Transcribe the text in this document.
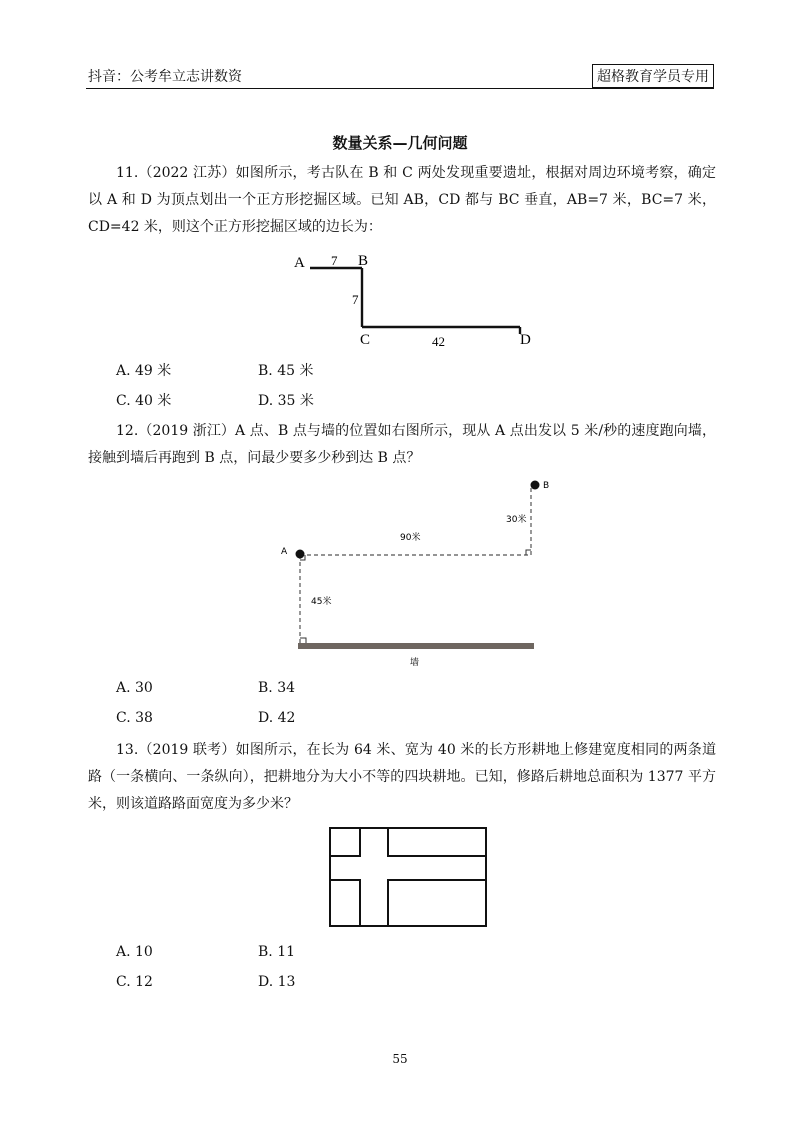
抖音：公考牟立志讲数资	超格教育学员专用
数量关系—几何问题
11.（2022 江苏）如图所示，考古队在 B 和 C 两处发现重要遗址，根据对周边环境考察，确定以 A 和 D 为顶点划出一个正方形挖掘区域。已知 AB，CD 都与 BC 垂直，AB=7 米，BC=7 米，CD=42 米，则这个正方形挖掘区域的边长为：
A 7 B
7
C	42	D
A. 49 米	B. 45 米
C. 40 米	D. 35 米
12.（2019 浙江）A 点、B 点与墙的位置如右图所示，现从 A 点出发以 5 米/秒的速度跑向墙，接触到墙后再跑到 B 点，问最少要多少秒到达 B 点？
A
B
90米
30米
45米
墙
A. 30	B. 34
C. 38	D. 42
13.（2019 联考）如图所示，在长为 64 米、宽为 40 米的长方形耕地上修建宽度相同的两条道路（一条横向、一条纵向），把耕地分为大小不等的四块耕地。已知，修路后耕地总面积为 1377 平方米，则该道路路面宽度为多少米？
A. 10	B. 11
C. 12	D. 13
55
